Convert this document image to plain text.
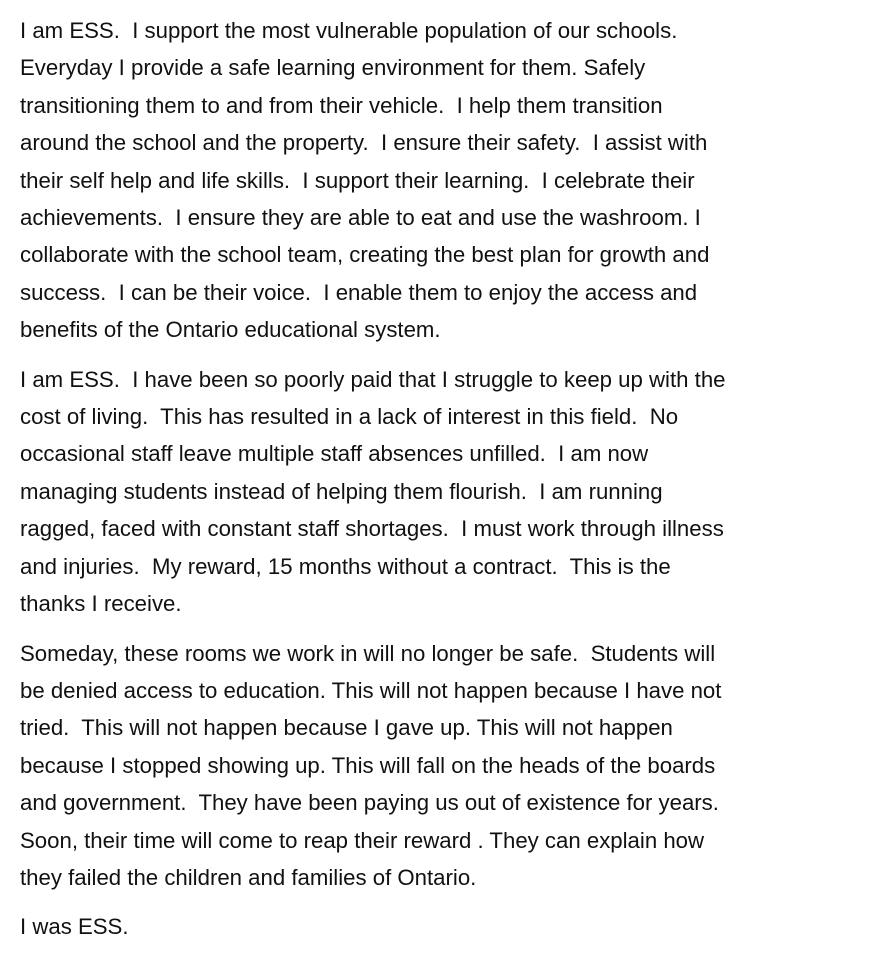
I am ESS.  I support the most vulnerable population of our schools.
Everyday I provide a safe learning environment for them. Safely
transitioning them to and from their vehicle.  I help them transition
around the school and the property.  I ensure their safety.  I assist with
their self help and life skills.  I support their learning.  I celebrate their
achievements.  I ensure they are able to eat and use the washroom. I
collaborate with the school team, creating the best plan for growth and
success.  I can be their voice.  I enable them to enjoy the access and
benefits of the Ontario educational system.

I am ESS.  I have been so poorly paid that I struggle to keep up with the
cost of living.  This has resulted in a lack of interest in this field.  No
occasional staff leave multiple staff absences unfilled.  I am now
managing students instead of helping them flourish.  I am running
ragged, faced with constant staff shortages.  I must work through illness
and injuries.  My reward, 15 months without a contract.  This is the
thanks I receive.

Someday, these rooms we work in will no longer be safe.  Students will
be denied access to education. This will not happen because I have not
tried.  This will not happen because I gave up. This will not happen
because I stopped showing up. This will fall on the heads of the boards
and government.  They have been paying us out of existence for years.
Soon, their time will come to reap their reward . They can explain how
they failed the children and families of Ontario.

I was ESS.
